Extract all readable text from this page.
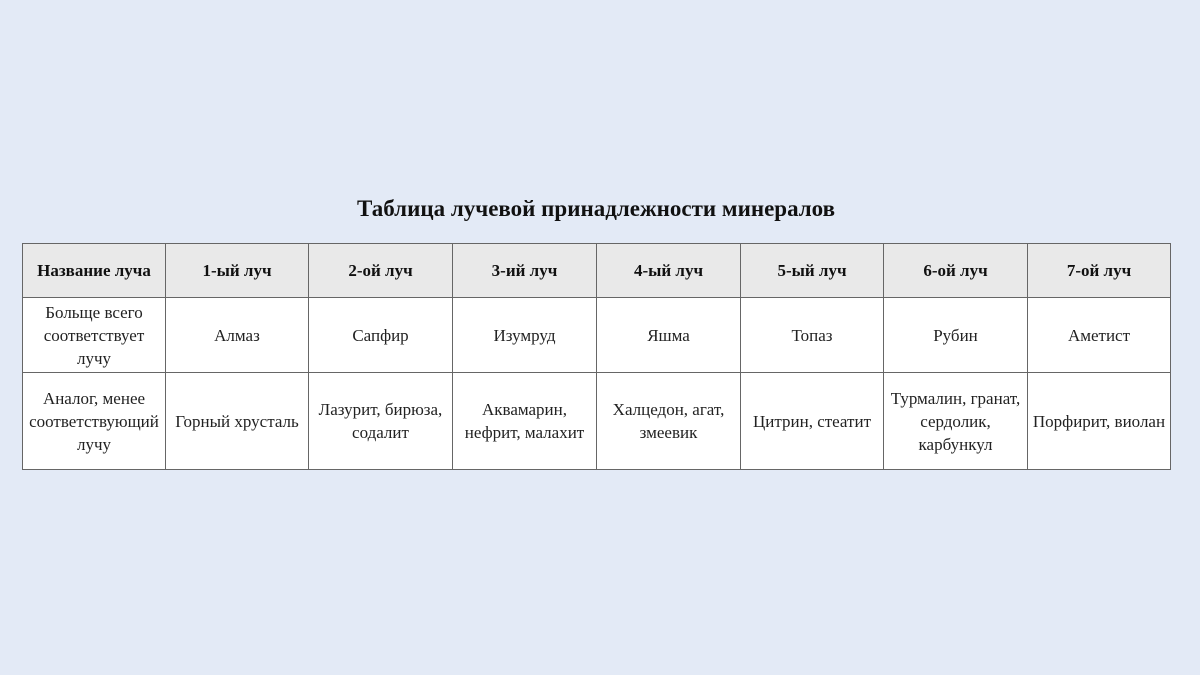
Таблица лучевой принадлежности минералов
Название луча	1-ый луч	2-ой луч	3-ий луч	4-ый луч	5-ый луч	6-ой луч	7-ой луч
Больще всего соответствует лучу	Алмаз	Сапфир	Изумруд	Яшма	Топаз	Рубин	Аметист
Аналог, менее соответствующий лучу	Горный хрусталь	Лазурит, бирюза, содалит	Аквамарин, нефрит, малахит	Халцедон, агат, змеевик	Цитрин, стеатит	Турмалин, гранат, сердолик, карбункул	Порфирит, виолан
